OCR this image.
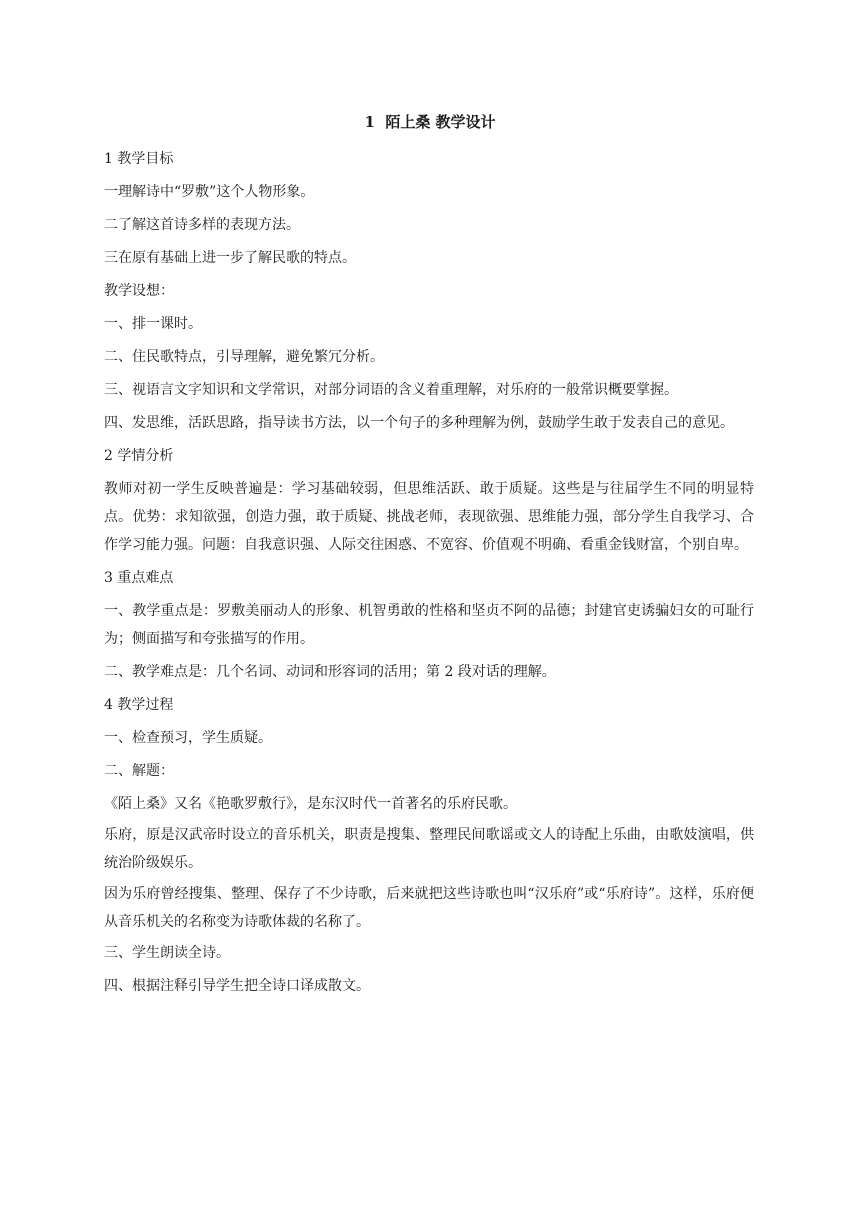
1  陌上桑 教学设计

1 教学目标

一理解诗中“罗敷”这个人物形象。

二了解这首诗多样的表现方法。

三在原有基础上进一步了解民歌的特点。

教学设想：

一、排一课时。

二、住民歌特点，引导理解，避免繁冗分析。

三、视语言文字知识和文学常识，对部分词语的含义着重理解，对乐府的一般常识概要掌握。

四、发思维，活跃思路，指导读书方法，以一个句子的多种理解为例，鼓励学生敢于发表自己的意见。

2 学情分析

教师对初一学生反映普遍是：学习基础较弱，但思维活跃、敢于质疑。这些是与往届学生不同的明显特点。优势：求知欲强，创造力强，敢于质疑、挑战老师，表现欲强、思维能力强，部分学生自我学习、合作学习能力强。问题：自我意识强、人际交往困惑、不宽容、价值观不明确、看重金钱财富，个别自卑。

3 重点难点

一、教学重点是：罗敷美丽动人的形象、机智勇敢的性格和坚贞不阿的品德；封建官吏诱骗妇女的可耻行为；侧面描写和夸张描写的作用。

二、教学难点是：几个名词、动词和形容词的活用；第 2 段对话的理解。

4 教学过程

一、检查预习，学生质疑。

二、解题：

《陌上桑》又名《艳歌罗敷行》，是东汉时代一首著名的乐府民歌。

乐府，原是汉武帝时设立的音乐机关，职责是搜集、整理民间歌谣或文人的诗配上乐曲，由歌妓演唱，供统治阶级娱乐。

因为乐府曾经搜集、整理、保存了不少诗歌，后来就把这些诗歌也叫“汉乐府”或“乐府诗”。这样，乐府便从音乐机关的名称变为诗歌体裁的名称了。

三、学生朗读全诗。

四、根据注释引导学生把全诗口译成散文。
